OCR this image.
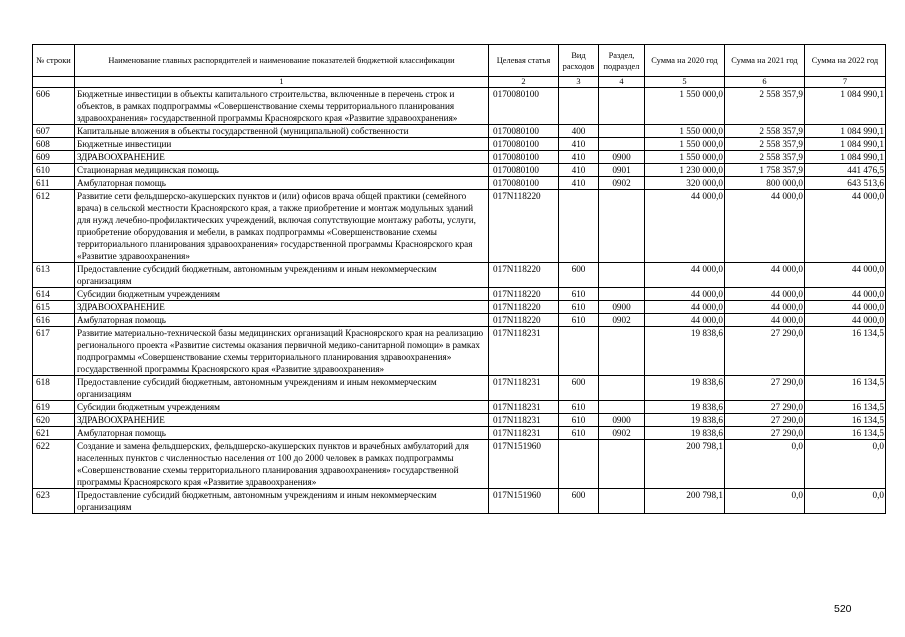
№ строки	Наименование главных распорядителей и наименование показателей бюджетной классификации	Целевая статья	Вид расходов	Раздел, подраздел	Сумма на 2020 год	Сумма на 2021 год	Сумма на 2022 год
	1	2	3	4	5	6	7
606	Бюджетные инвестиции в объекты капитального строительства, включенные в перечень строк и объектов, в рамках подпрограммы «Совершенствование схемы территориального планирования здравоохранения» государственной программы Красноярского края «Развитие здравоохранения»	0170080100			1 550 000,0	2 558 357,9	1 084 990,1
607	Капитальные вложения в объекты государственной (муниципальной) собственности	0170080100	400		1 550 000,0	2 558 357,9	1 084 990,1
608	Бюджетные инвестиции	0170080100	410		1 550 000,0	2 558 357,9	1 084 990,1
609	ЗДРАВООХРАНЕНИЕ	0170080100	410	0900	1 550 000,0	2 558 357,9	1 084 990,1
610	Стационарная медицинская помощь	0170080100	410	0901	1 230 000,0	1 758 357,9	441 476,5
611	Амбулаторная помощь	0170080100	410	0902	320 000,0	800 000,0	643 513,6
612	Развитие сети фельдшерско-акушерских пунктов и (или) офисов врача общей практики (семейного врача) в сельской местности Красноярского края, а также приобретение и монтаж модульных зданий для нужд лечебно-профилактических учреждений, включая сопутствующие монтажу работы, услуги, приобретение оборудования и мебели, в рамках подпрограммы «Совершенствование схемы территориального планирования здравоохранения» государственной программы Красноярского края «Развитие здравоохранения»	017N118220			44 000,0	44 000,0	44 000,0
613	Предоставление субсидий бюджетным, автономным учреждениям и иным некоммерческим организациям	017N118220	600		44 000,0	44 000,0	44 000,0
614	Субсидии бюджетным учреждениям	017N118220	610		44 000,0	44 000,0	44 000,0
615	ЗДРАВООХРАНЕНИЕ	017N118220	610	0900	44 000,0	44 000,0	44 000,0
616	Амбулаторная помощь	017N118220	610	0902	44 000,0	44 000,0	44 000,0
617	Развитие материально-технической базы медицинских организаций Красноярского края на реализацию регионального проекта «Развитие системы оказания первичной медико-санитарной помощи» в рамках подпрограммы «Совершенствование схемы территориального планирования здравоохранения» государственной программы Красноярского края «Развитие здравоохранения»	017N118231			19 838,6	27 290,0	16 134,5
618	Предоставление субсидий бюджетным, автономным учреждениям и иным некоммерческим организациям	017N118231	600		19 838,6	27 290,0	16 134,5
619	Субсидии бюджетным учреждениям	017N118231	610		19 838,6	27 290,0	16 134,5
620	ЗДРАВООХРАНЕНИЕ	017N118231	610	0900	19 838,6	27 290,0	16 134,5
621	Амбулаторная помощь	017N118231	610	0902	19 838,6	27 290,0	16 134,5
622	Создание и замена фельдшерских, фельдшерско-акушерских пунктов и врачебных амбулаторий для населенных пунктов с численностью населения от 100 до 2000 человек в рамках подпрограммы «Совершенствование схемы территориального планирования здравоохранения» государственной программы Красноярского края «Развитие здравоохранения»	017N151960			200 798,1	0,0	0,0
623	Предоставление субсидий бюджетным, автономным учреждениям и иным некоммерческим организациям	017N151960	600		200 798,1	0,0	0,0
520
